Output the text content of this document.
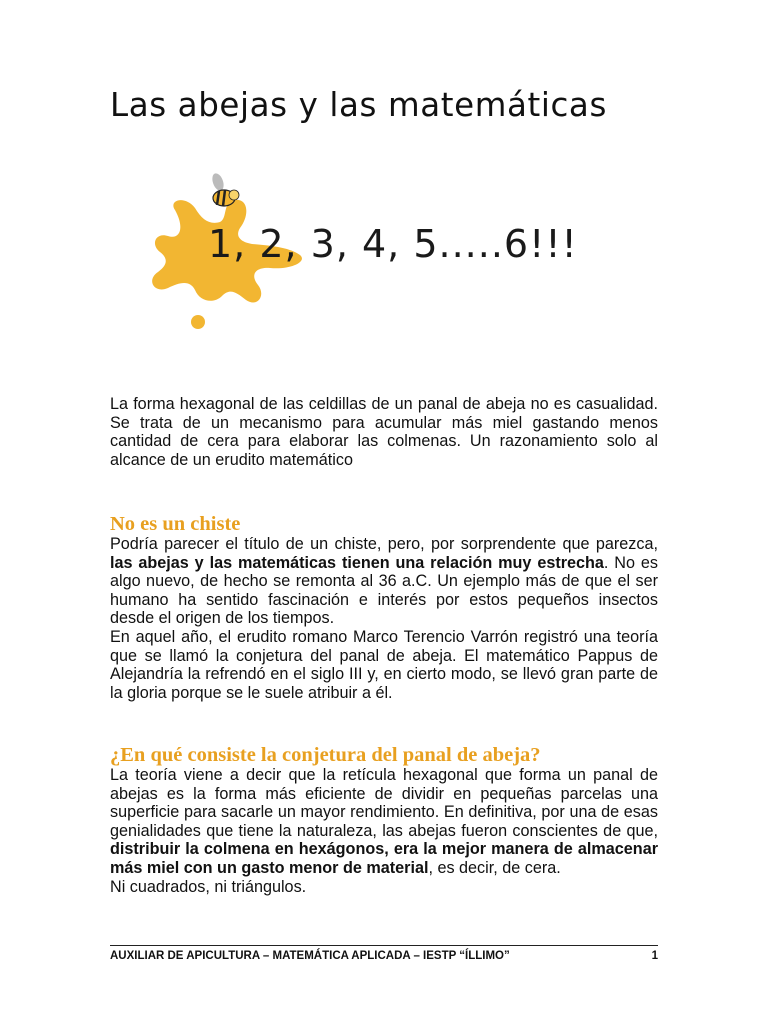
Las abejas y las matemáticas
1, 2, 3, 4, 5.....6!!!

La forma hexagonal de las celdillas de un panal de abeja no es casualidad. Se trata de un mecanismo para acumular más miel gastando menos cantidad de cera para elaborar las colmenas. Un razonamiento solo al alcance de un erudito matemático

No es un chiste

Podría parecer el título de un chiste, pero, por sorprendente que parezca, las abejas y las matemáticas tienen una relación muy estrecha. No es algo nuevo, de hecho se remonta al 36 a.C. Un ejemplo más de que el ser humano ha sentido fascinación e interés por estos pequeños insectos desde el origen de los tiempos.

En aquel año, el erudito romano Marco Terencio Varrón registró una teoría que se llamó la conjetura del panal de abeja. El matemático Pappus de Alejandría la refrendó en el siglo III y, en cierto modo, se llevó gran parte de la gloria porque se le suele atribuir a él.

¿En qué consiste la conjetura del panal de abeja?

La teoría viene a decir que la retícula hexagonal que forma un panal de abejas es la forma más eficiente de dividir en pequeñas parcelas una superficie para sacarle un mayor rendimiento. En definitiva, por una de esas genialidades que tiene la naturaleza, las abejas fueron conscientes de que, distribuir la colmena en hexágonos, era la mejor manera de almacenar más miel con un gasto menor de material, es decir, de cera.

Ni cuadrados, ni triángulos.

AUXILIAR DE APICULTURA – MATEMÁTICA APLICADA – IESTP “ÍLLIMO”	1
